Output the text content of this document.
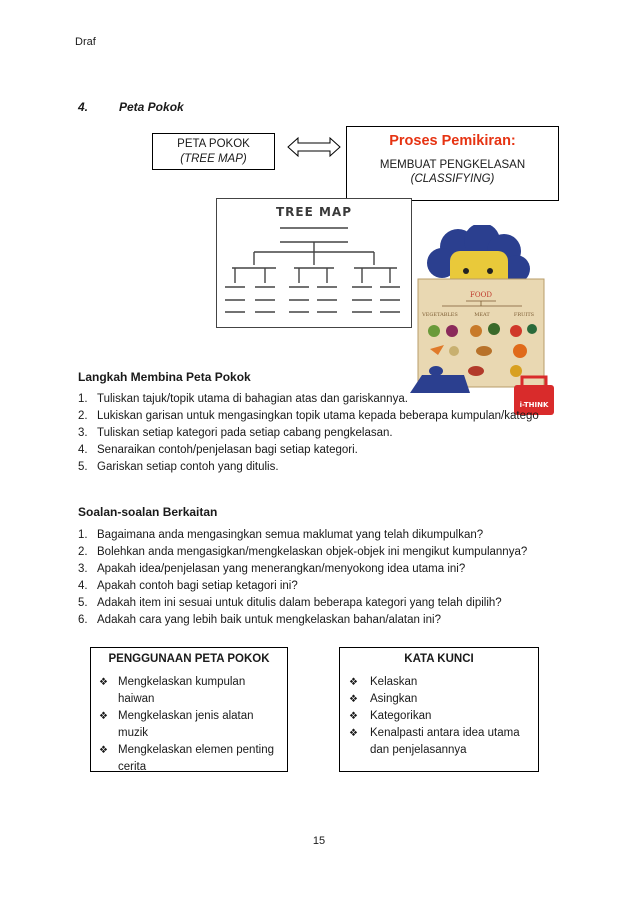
Draf
4.	Peta Pokok
PETA POKOK
(TREE MAP)
Proses Pemikiran:
MEMBUAT PENGKELASAN
(CLASSIFYING)
TREE MAP
FOOD
VEGETABLES	MEAT	FRUITS
i-THINK
Langkah Membina Peta Pokok
1. Tuliskan tajuk/topik utama di bahagian atas dan gariskannya.
2. Lukiskan garisan untuk mengasingkan topik utama kepada beberapa kumpulan/katego
3. Tuliskan setiap kategori pada setiap cabang pengkelasan.
4. Senaraikan contoh/penjelasan bagi setiap kategori.
5. Gariskan setiap contoh yang ditulis.
Soalan-soalan Berkaitan
1. Bagaimana anda mengasingkan semua maklumat yang telah dikumpulkan?
2. Bolehkan anda mengasigkan/mengkelaskan objek-objek ini mengikut kumpulannya?
3. Apakah idea/penjelasan yang menerangkan/menyokong idea utama ini?
4. Apakah contoh bagi setiap ketagori ini?
5. Adakah item ini sesuai untuk ditulis dalam beberapa kategori yang telah dipilih?
6. Adakah cara yang lebih baik untuk mengkelaskan bahan/alatan ini?
PENGGUNAAN PETA POKOK
❖ Mengkelaskan kumpulan haiwan
❖ Mengkelaskan jenis alatan muzik
❖ Mengkelaskan elemen penting cerita
KATA KUNCI
❖ Kelaskan
❖ Asingkan
❖ Kategorikan
❖ Kenalpasti antara idea utama dan penjelasannya
15
